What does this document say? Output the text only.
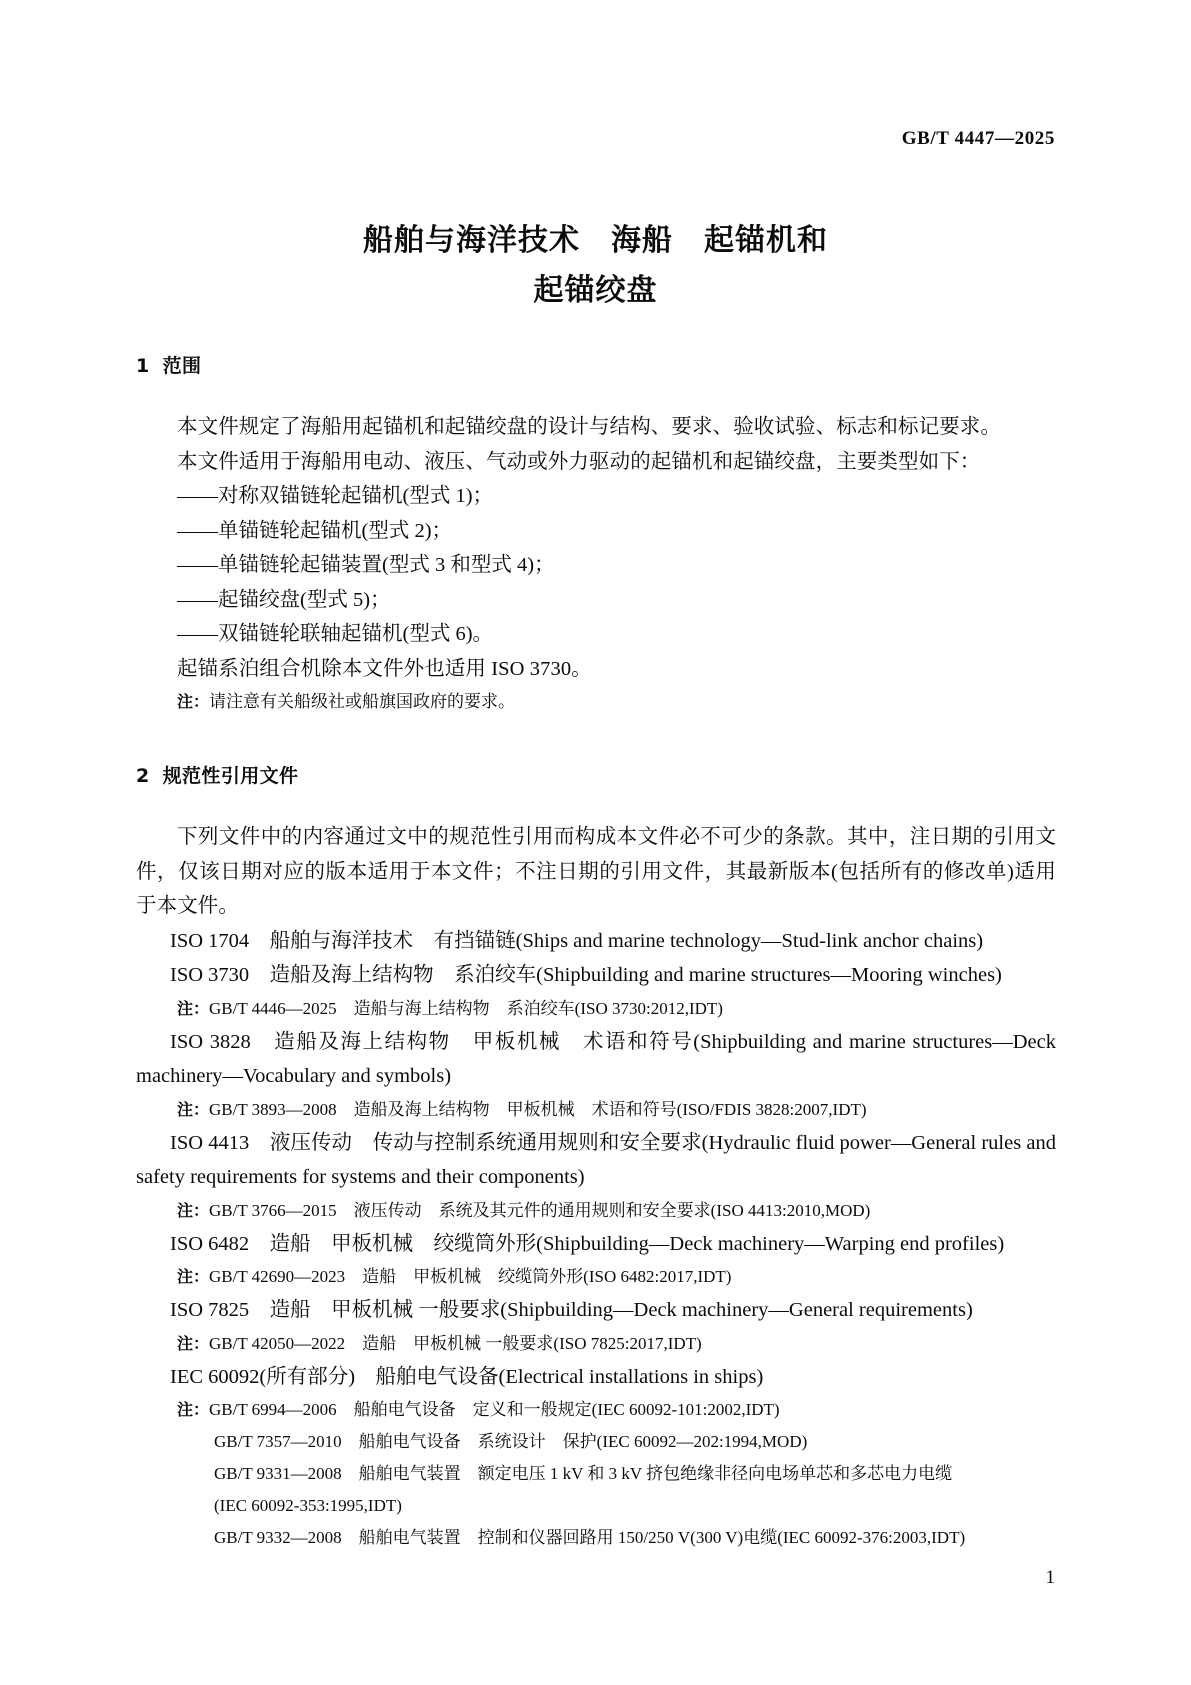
GB/T 4447—2025
船舶与海洋技术　海船　起锚机和
起锚绞盘
1 范围

本文件规定了海船用起锚机和起锚绞盘的设计与结构、要求、验收试验、标志和标记要求。

本文件适用于海船用电动、液压、气动或外力驱动的起锚机和起锚绞盘，主要类型如下：

——对称双锚链轮起锚机(型式 1)；

——单锚链轮起锚机(型式 2)；

——单锚链轮起锚装置(型式 3 和型式 4)；

——起锚绞盘(型式 5)；

——双锚链轮联轴起锚机(型式 6)。

起锚系泊组合机除本文件外也适用 ISO 3730。

注：请注意有关船级社或船旗国政府的要求。

2 规范性引用文件

下列文件中的内容通过文中的规范性引用而构成本文件必不可少的条款。其中，注日期的引用文件，仅该日期对应的版本适用于本文件；不注日期的引用文件，其最新版本(包括所有的修改单)适用于本文件。

ISO 1704　船舶与海洋技术　有挡锚链(Ships and marine technology—Stud-link anchor chains)

ISO 3730　造船及海上结构物　系泊绞车(Shipbuilding and marine structures—Mooring winches)

注：GB/T 4446—2025　造船与海上结构物　系泊绞车(ISO 3730:2012,IDT)

ISO 3828　造船及海上结构物　甲板机械　术语和符号(Shipbuilding and marine structures—Deck machinery—Vocabulary and symbols)

注：GB/T 3893—2008　造船及海上结构物　甲板机械　术语和符号(ISO/FDIS 3828:2007,IDT)

ISO 4413　液压传动　传动与控制系统通用规则和安全要求(Hydraulic fluid power—General rules and safety requirements for systems and their components)

注：GB/T 3766—2015　液压传动　系统及其元件的通用规则和安全要求(ISO 4413:2010,MOD)

ISO 6482　造船　甲板机械　绞缆筒外形(Shipbuilding—Deck machinery—Warping end profiles)

注：GB/T 42690—2023　造船　甲板机械　绞缆筒外形(ISO 6482:2017,IDT)

ISO 7825　造船　甲板机械 一般要求(Shipbuilding—Deck machinery—General requirements)

注：GB/T 42050—2022　造船　甲板机械 一般要求(ISO 7825:2017,IDT)

IEC 60092(所有部分)　船舶电气设备(Electrical installations in ships)

注：GB/T 6994—2006　船舶电气设备　定义和一般规定(IEC 60092-101:2002,IDT)

GB/T 7357—2010　船舶电气设备　系统设计　保护(IEC 60092—202:1994,MOD)

GB/T 9331—2008　船舶电气装置　额定电压 1 kV 和 3 kV 挤包绝缘非径向电场单芯和多芯电力电缆

(IEC 60092-353:1995,IDT)

GB/T 9332—2008　船舶电气装置　控制和仪器回路用 150/250 V(300 V)电缆(IEC 60092-376:2003,IDT)

1
